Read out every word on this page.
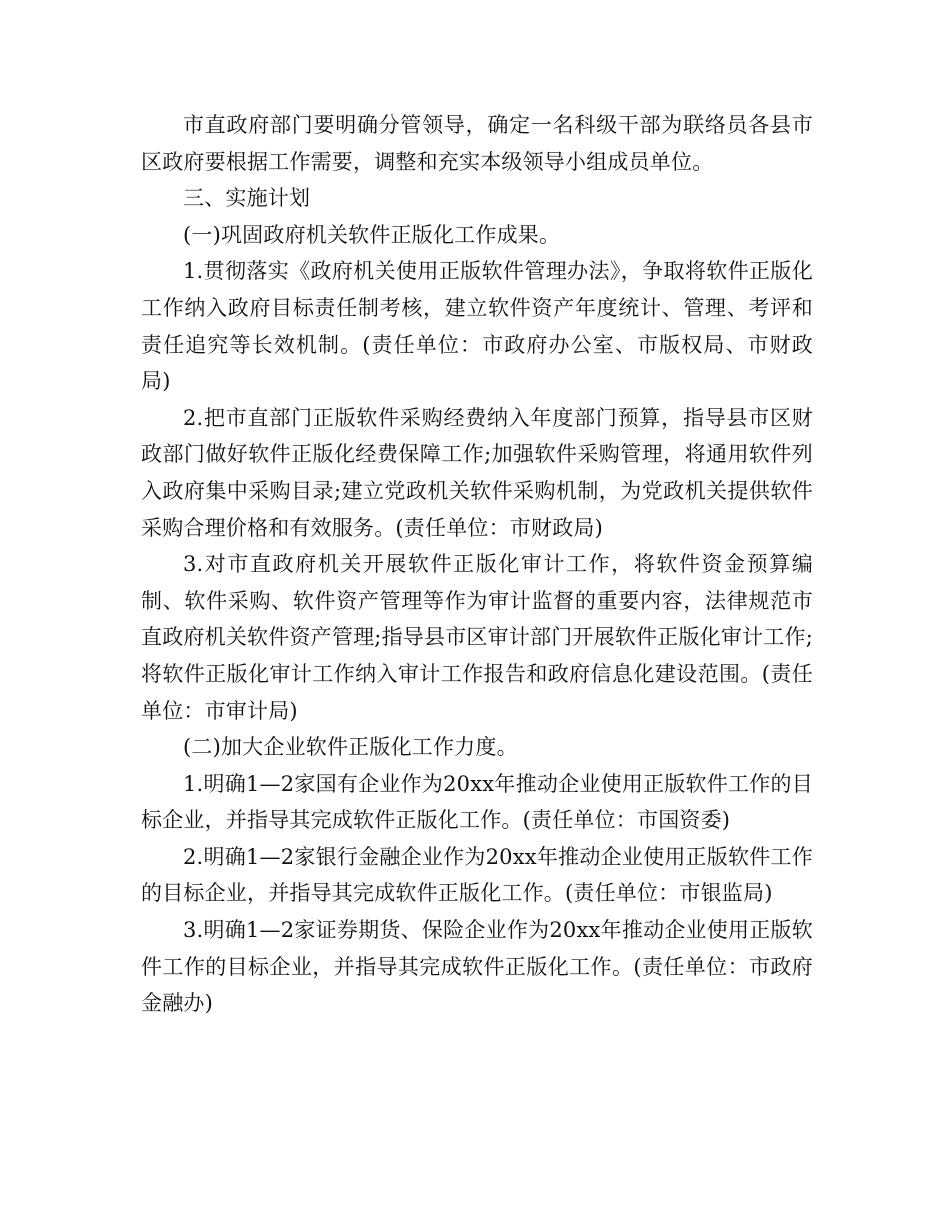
市直政府部门要明确分管领导，确定一名科级干部为联络员各县市区政府要根据工作需要，调整和充实本级领导小组成员单位。

三、实施计划

(一)巩固政府机关软件正版化工作成果。

1.贯彻落实《政府机关使用正版软件管理办法》，争取将软件正版化工作纳入政府目标责任制考核，建立软件资产年度统计、管理、考评和责任追究等长效机制。(责任单位：市政府办公室、市版权局、市财政局)

2.把市直部门正版软件采购经费纳入年度部门预算，指导县市区财政部门做好软件正版化经费保障工作;加强软件采购管理，将通用软件列入政府集中采购目录;建立党政机关软件采购机制，为党政机关提供软件采购合理价格和有效服务。(责任单位：市财政局)

3.对市直政府机关开展软件正版化审计工作，将软件资金预算编制、软件采购、软件资产管理等作为审计监督的重要内容，法律规范市直政府机关软件资产管理;指导县市区审计部门开展软件正版化审计工作;将软件正版化审计工作纳入审计工作报告和政府信息化建设范围。(责任单位：市审计局)

(二)加大企业软件正版化工作力度。

1.明确1—2家国有企业作为20xx年推动企业使用正版软件工作的目标企业，并指导其完成软件正版化工作。(责任单位：市国资委)

2.明确1—2家银行金融企业作为20xx年推动企业使用正版软件工作的目标企业，并指导其完成软件正版化工作。(责任单位：市银监局)

3.明确1—2家证券期货、保险企业作为20xx年推动企业使用正版软件工作的目标企业，并指导其完成软件正版化工作。(责任单位：市政府金融办)
